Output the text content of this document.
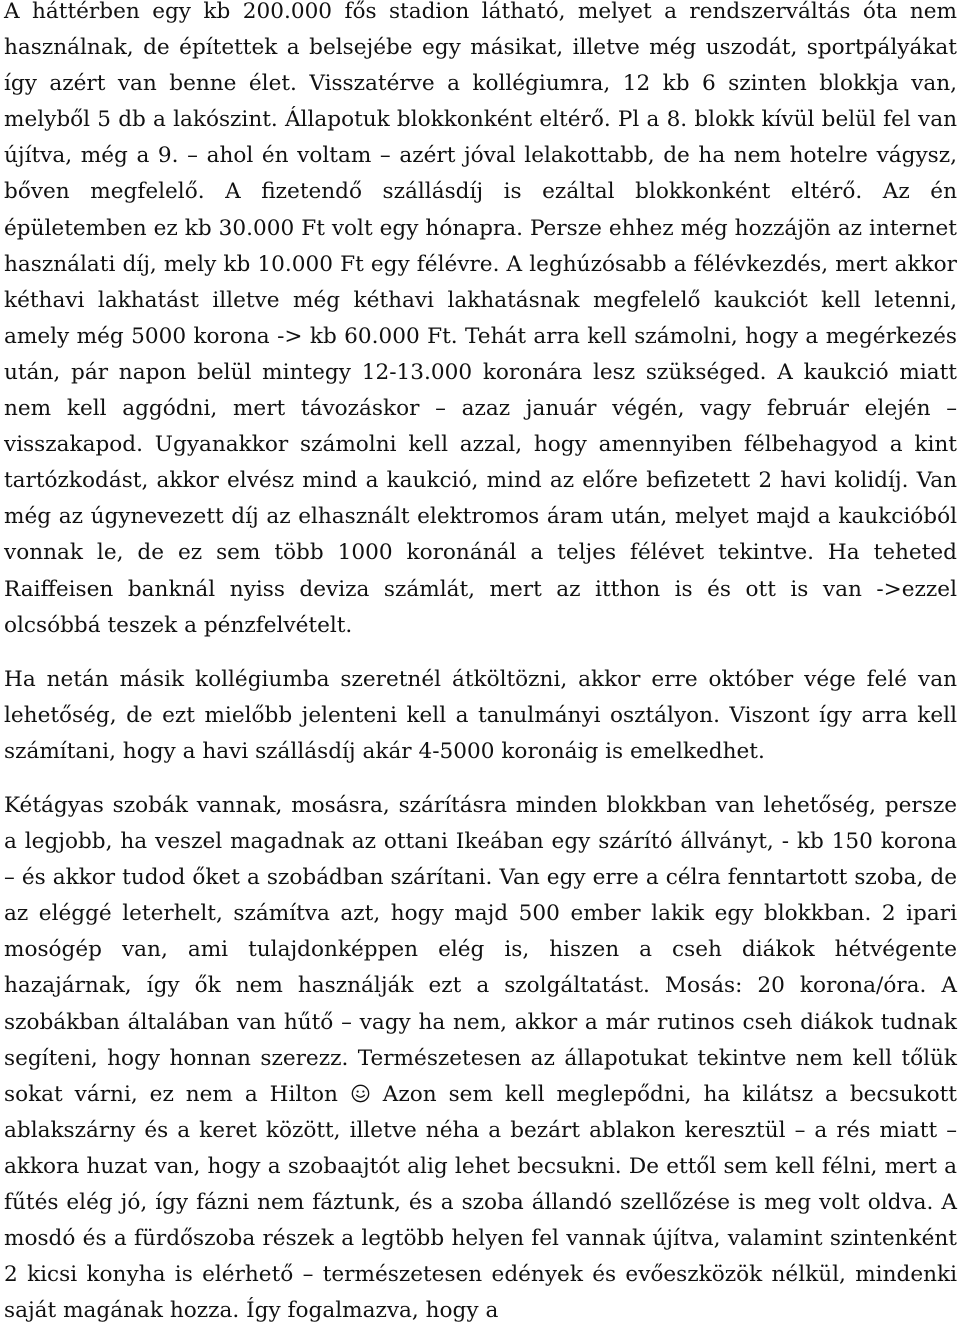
A háttérben egy kb 200.000 fős stadion látható, melyet a rendszerváltás óta nem használnak, de építettek a belsejébe egy másikat, illetve még uszodát, sportpályákat így azért van benne élet. Visszatérve a kollégiumra, 12 kb 6 szinten blokkja van, melyből 5 db a lakószint. Állapotuk blokkonként eltérő. Pl a 8. blokk kívül belül fel van újítva, még a 9. – ahol én voltam – azért jóval lelakottabb, de ha nem hotelre vágysz, bőven megfelelő. A fizetendő szállásdíj is ezáltal blokkonként eltérő. Az én épületemben ez kb 30.000 Ft volt egy hónapra. Persze ehhez még hozzájön az internet használati díj, mely kb 10.000 Ft egy félévre. A leghúzósabb a félévkezdés, mert akkor kéthavi lakhatást illetve még kéthavi lakhatásnak megfelelő kaukciót kell letenni, amely még 5000 korona -> kb 60.000 Ft. Tehát arra kell számolni, hogy a megérkezés után, pár napon belül mintegy 12-13.000 koronára lesz szükséged. A kaukció miatt nem kell aggódni, mert távozáskor – azaz január végén, vagy február elején – visszakapod. Ugyanakkor számolni kell azzal, hogy amennyiben félbehagyod a kint tartózkodást, akkor elvész mind a kaukció, mind az előre befizetett 2 havi kolidíj. Van még az úgynevezett díj az elhasznált elektromos áram után, melyet majd a kaukcióból vonnak le, de ez sem több 1000 koronánál a teljes félévet tekintve. Ha teheted Raiffeisen banknál nyiss deviza számlát, mert az itthon is és ott is van ->ezzel olcsóbbá teszek a pénzfelvételt.

Ha netán másik kollégiumba szeretnél átköltözni, akkor erre október vége felé van lehetőség, de ezt mielőbb jelenteni kell a tanulmányi osztályon. Viszont így arra kell számítani, hogy a havi szállásdíj akár 4-5000 koronáig is emelkedhet.

Kétágyas szobák vannak, mosásra, szárításra minden blokkban van lehetőség, persze a legjobb, ha veszel magadnak az ottani Ikeában egy szárító állványt, - kb 150 korona – és akkor tudod őket a szobádban szárítani. Van egy erre a célra fenntartott szoba, de az eléggé leterhelt, számítva azt, hogy majd 500 ember lakik egy blokkban. 2 ipari mosógép van, ami tulajdonképpen elég is, hiszen a cseh diákok hétvégente hazajárnak, így ők nem használják ezt a szolgáltatást. Mosás: 20 korona/óra. A szobákban általában van hűtő – vagy ha nem, akkor a már rutinos cseh diákok tudnak segíteni, hogy honnan szerezz. Természetesen az állapotukat tekintve nem kell tőlük sokat várni, ez nem a Hilton Azon sem kell meglepődni, ha kilátsz a becsukott ablakszárny és a keret között, illetve néha a bezárt ablakon keresztül – a rés miatt – akkora huzat van, hogy a szobaajtót alig lehet becsukni. De ettől sem kell félni, mert a fűtés elég jó, így fázni nem fáztunk, és a szoba állandó szellőzése is meg volt oldva. A mosdó és a fürdőszoba részek a legtöbb helyen fel vannak újítva, valamint szintenként 2 kicsi konyha is elérhető – természetesen edények és evőeszközök nélkül, mindenki saját magának hozza. Így fogalmazva, hogy a
